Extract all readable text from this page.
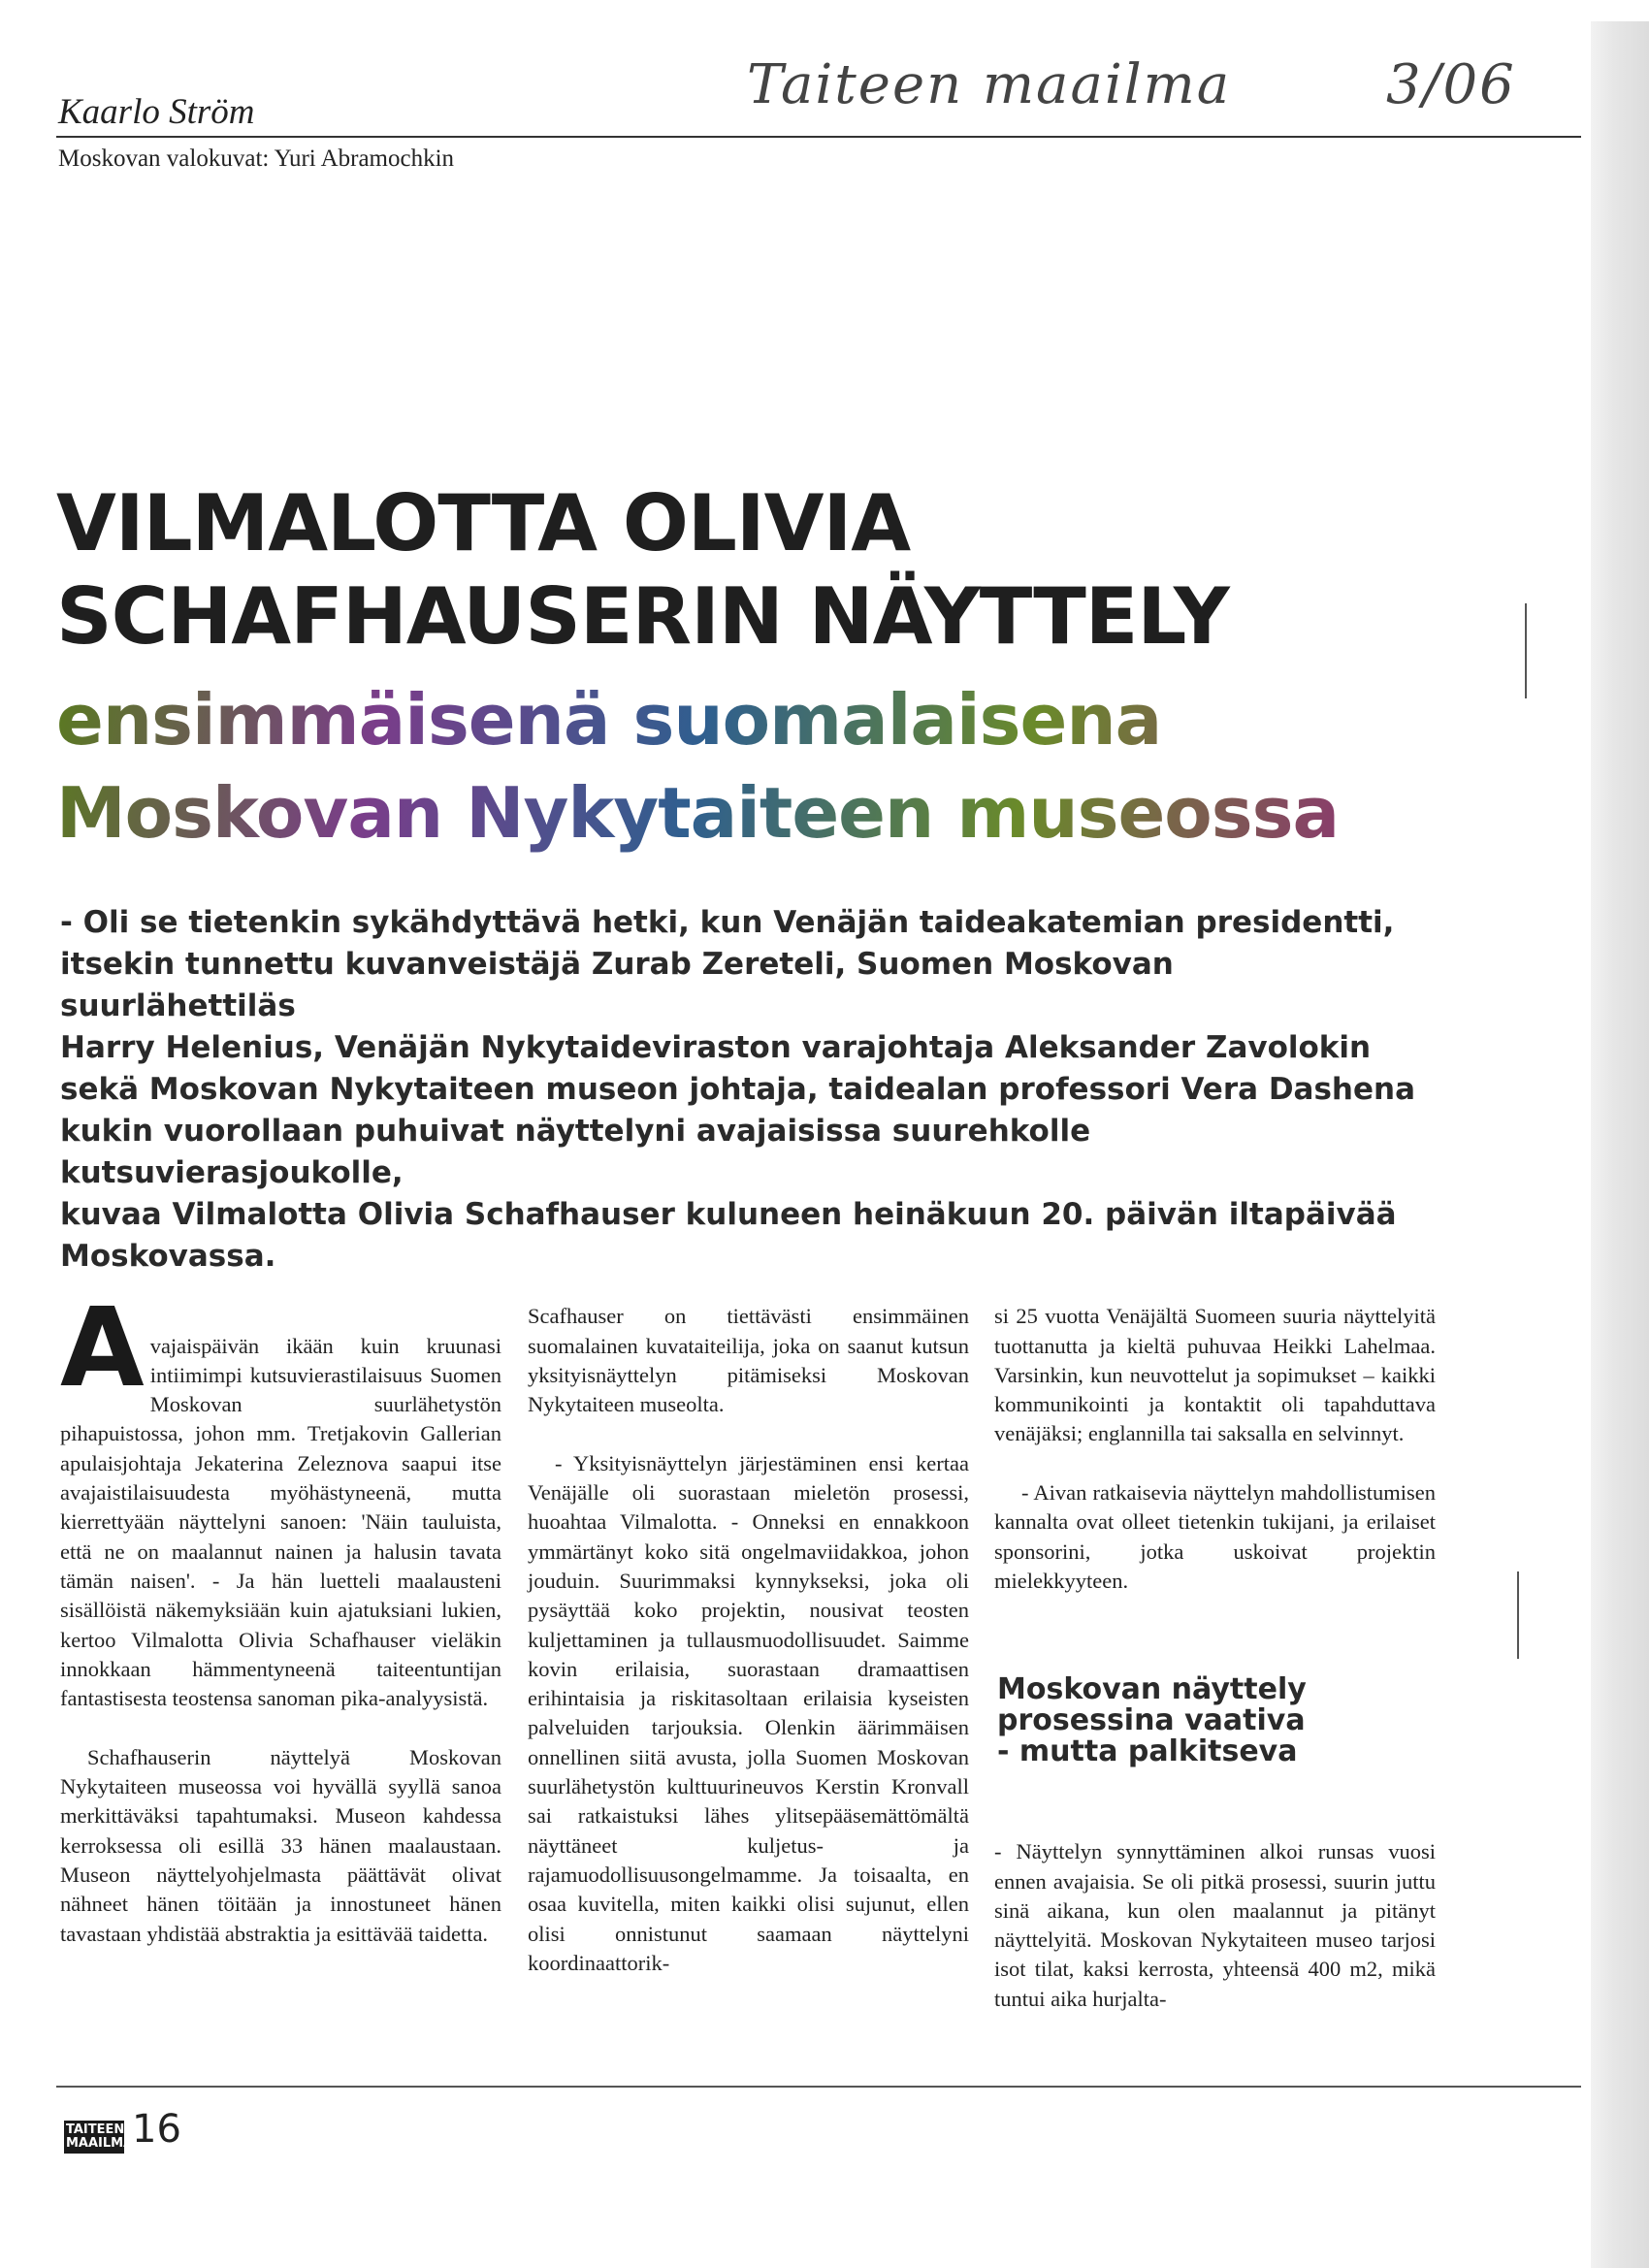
Taiteen maailma	3/06
Kaarlo Ström
Moskovan valokuvat: Yuri Abramochkin
VILMALOTTA OLIVIA
SCHAFHAUSERIN NÄYTTELY
ensimmäisenä suomalaisena
Moskovan Nykytaiteen museossa

- Oli se tietenkin sykähdyttävä hetki, kun Venäjän taideakatemian presidentti,
itsekin tunnettu kuvanveistäjä Zurab Zereteli, Suomen Moskovan suurlähettiläs
Harry Helenius, Venäjän Nykytaideviraston varajohtaja Aleksander Zavolokin
sekä Moskovan Nykytaiteen museon johtaja, taidealan professori Vera Dashena
kukin vuorollaan puhuivat näyttelyni avajaisissa suurehkolle kutsuvierasjoukolle,
kuvaa Vilmalotta Olivia Schafhauser kuluneen heinäkuun 20. päivän iltapäivää
Moskovassa.

A vajaispäivän ikään kuin kruunasi intiimimpi kutsuvierastilaisuus Suomen Moskovan suurlähetystön pihapuistossa, johon mm. Tretjakovin Gallerian apulaisjohtaja Jekaterina Zeleznova saapui itse avajaistilaisuudesta myöhästyneenä, mutta kierrettyään näyttelyni sanoen: 'Näin tauluista, että ne on maalannut nainen ja halusin tavata tämän naisen'. - Ja hän luetteli maalausteni sisällöistä näkemyksiään kuin ajatuksiani lukien, kertoo Vilmalotta Olivia Schafhauser vieläkin innokkaan hämmentyneenä taiteentuntijan fantastisesta teostensa sanoman pika-analyysistä.

Schafhauserin näyttelyä Moskovan Nykytaiteen museossa voi hyvällä syyllä sanoa merkittäväksi tapahtumaksi. Museon kahdessa kerroksessa oli esillä 33 hänen maalaustaan. Museon näyttelyohjelmasta päättävät olivat nähneet hänen töitään ja innostuneet hänen tavastaan yhdistää abstraktia ja esittävää taidetta.

Scafhauser on tiettävästi ensimmäinen suomalainen kuvataiteilija, joka on saanut kutsun yksityisnäyttelyn pitämiseksi Moskovan Nykytaiteen museolta.

- Yksityisnäyttelyn järjestäminen ensi kertaa Venäjälle oli suorastaan mieletön prosessi, huoahtaa Vilmalotta. - Onneksi en ennakkoon ymmärtänyt koko sitä ongelmaviidakkoa, johon jouduin. Suurimmaksi kynnykseksi, joka oli pysäyttää koko projektin, nousivat teosten kuljettaminen ja tullausmuodollisuudet. Saimme kovin erilaisia, suorastaan dramaattisen erihintaisia ja riskitasoltaan erilaisia kyseisten palveluiden tarjouksia. Olenkin äärimmäisen onnellinen siitä avusta, jolla Suomen Moskovan suurlähetystön kulttuurineuvos Kerstin Kronvall sai ratkaistuksi lähes ylitsepääsemättömältä näyttäneet kuljetus- ja rajamuodollisuusongelmamme. Ja toisaalta, en osaa kuvitella, miten kaikki olisi sujunut, ellen olisi onnistunut saamaan näyttelyni koordinaattorik-

si 25 vuotta Venäjältä Suomeen suuria näyttelyitä tuottanutta ja kieltä puhuvaa Heikki Lahelmaa. Varsinkin, kun neuvottelut ja sopimukset – kaikki kommunikointi ja kontaktit oli tapahduttava venäjäksi; englannilla tai saksalla en selvinnyt.

- Aivan ratkaisevia näyttelyn mahdollistumisen kannalta ovat olleet tietenkin tukijani, ja erilaiset sponsorini, jotka uskoivat projektin mielekkyyteen.

Moskovan näyttely
prosessina vaativa
- mutta palkitseva

- Näyttelyn synnyttäminen alkoi runsas vuosi ennen avajaisia. Se oli pitkä prosessi, suurin juttu sinä aikana, kun olen maalannut ja pitänyt näyttelyitä. Moskovan Nykytaiteen museo tarjosi isot tilat, kaksi kerrosta, yhteensä 400 m2, mikä tuntui aika hurjalta-

TAITEEN
MAAILMA
16
